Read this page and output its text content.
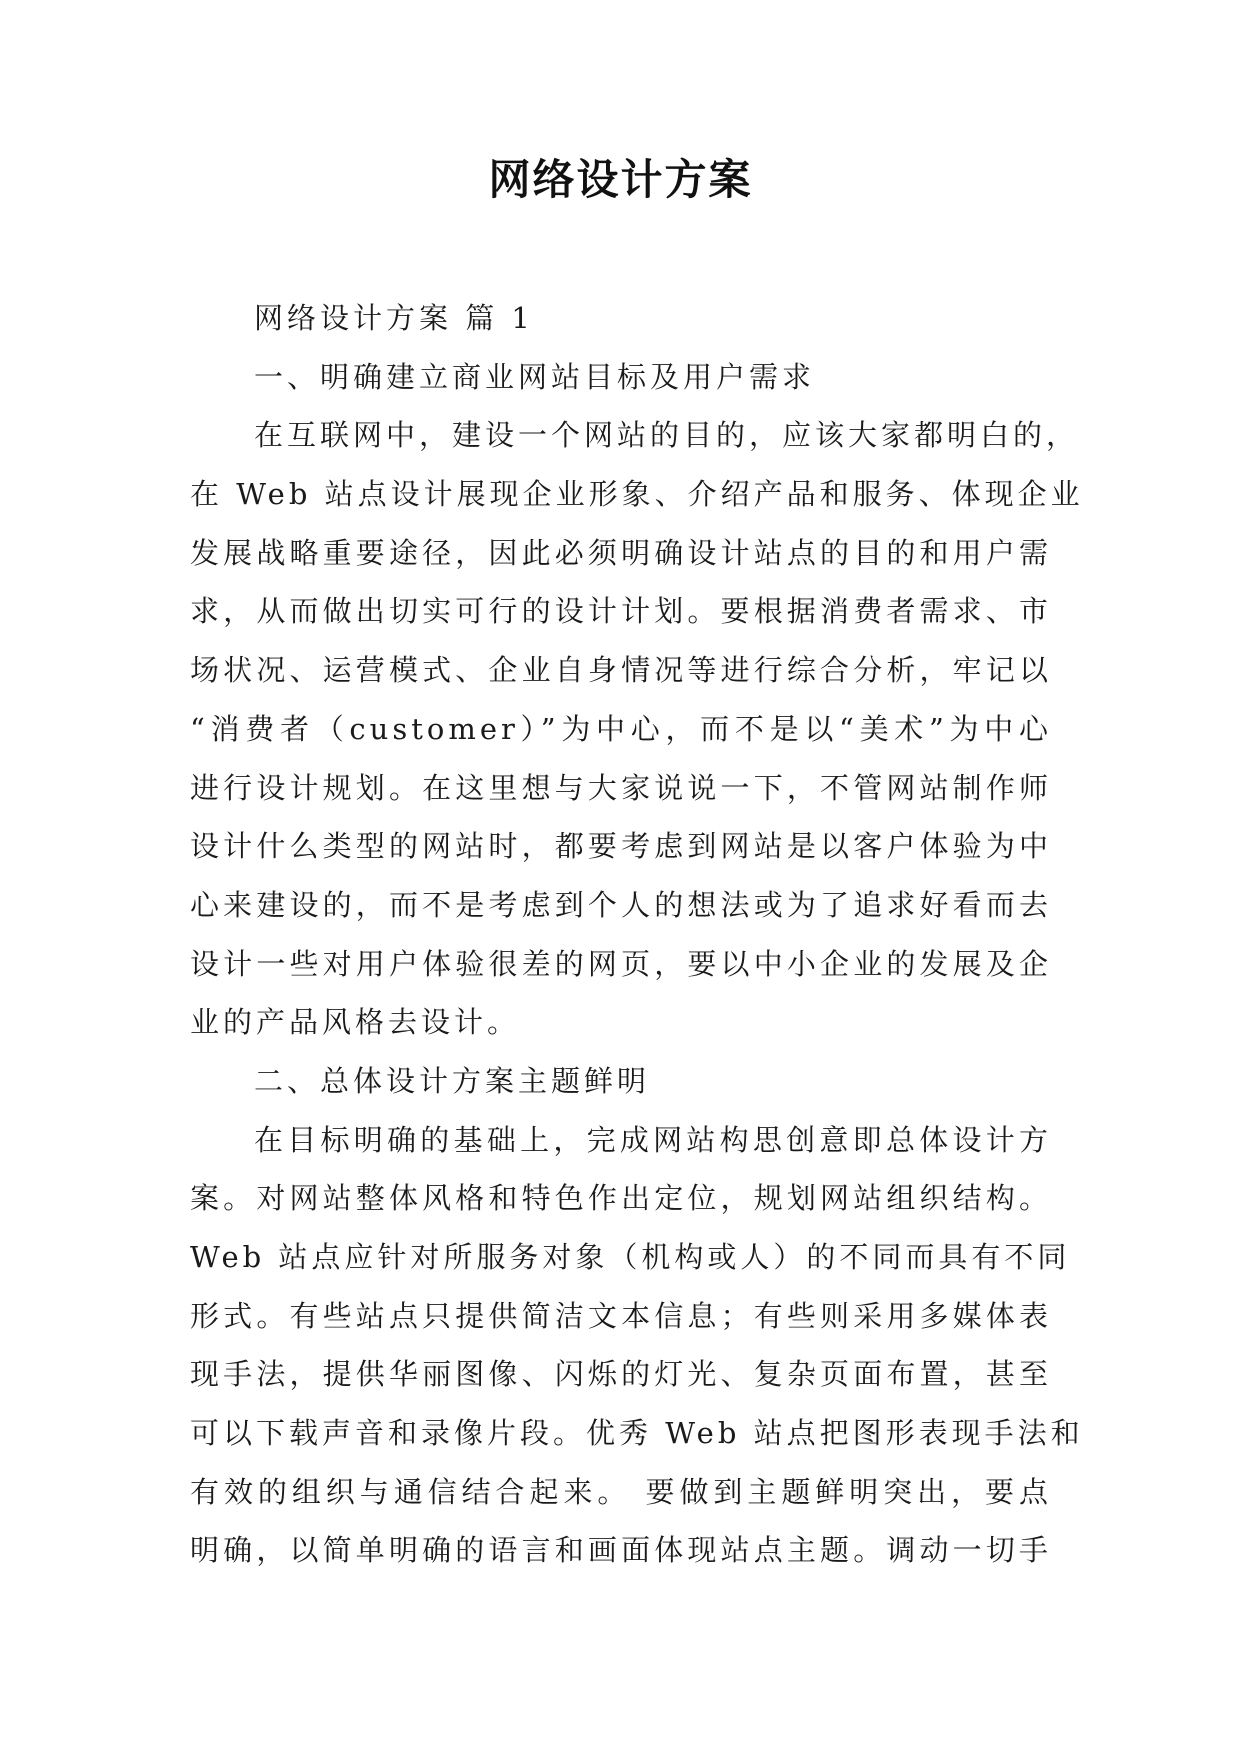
网络设计方案
网络设计方案 篇 1
一、明确建立商业网站目标及用户需求
在互联网中，建设一个网站的目的，应该大家都明白的，
在 Web 站点设计展现企业形象、介绍产品和服务、体现企业
发展战略重要途径，因此必须明确设计站点的目的和用户需
求，从而做出切实可行的设计计划。要根据消费者需求、市
场状况、运营模式、企业自身情况等进行综合分析，牢记以
“消费者（customer）”为中心，而不是以“美术”为中心
进行设计规划。在这里想与大家说说一下，不管网站制作师
设计什么类型的网站时，都要考虑到网站是以客户体验为中
心来建设的，而不是考虑到个人的想法或为了追求好看而去
设计一些对用户体验很差的网页，要以中小企业的发展及企
业的产品风格去设计。
二、总体设计方案主题鲜明
在目标明确的基础上，完成网站构思创意即总体设计方
案。对网站整体风格和特色作出定位，规划网站组织结构。
Web 站点应针对所服务对象（机构或人）的不同而具有不同
形式。有些站点只提供简洁文本信息；有些则采用多媒体表
现手法，提供华丽图像、闪烁的灯光、复杂页面布置，甚至
可以下载声音和录像片段。优秀 Web 站点把图形表现手法和
有效的组织与通信结合起来。 要做到主题鲜明突出，要点
明确，以简单明确的语言和画面体现站点主题。调动一切手
